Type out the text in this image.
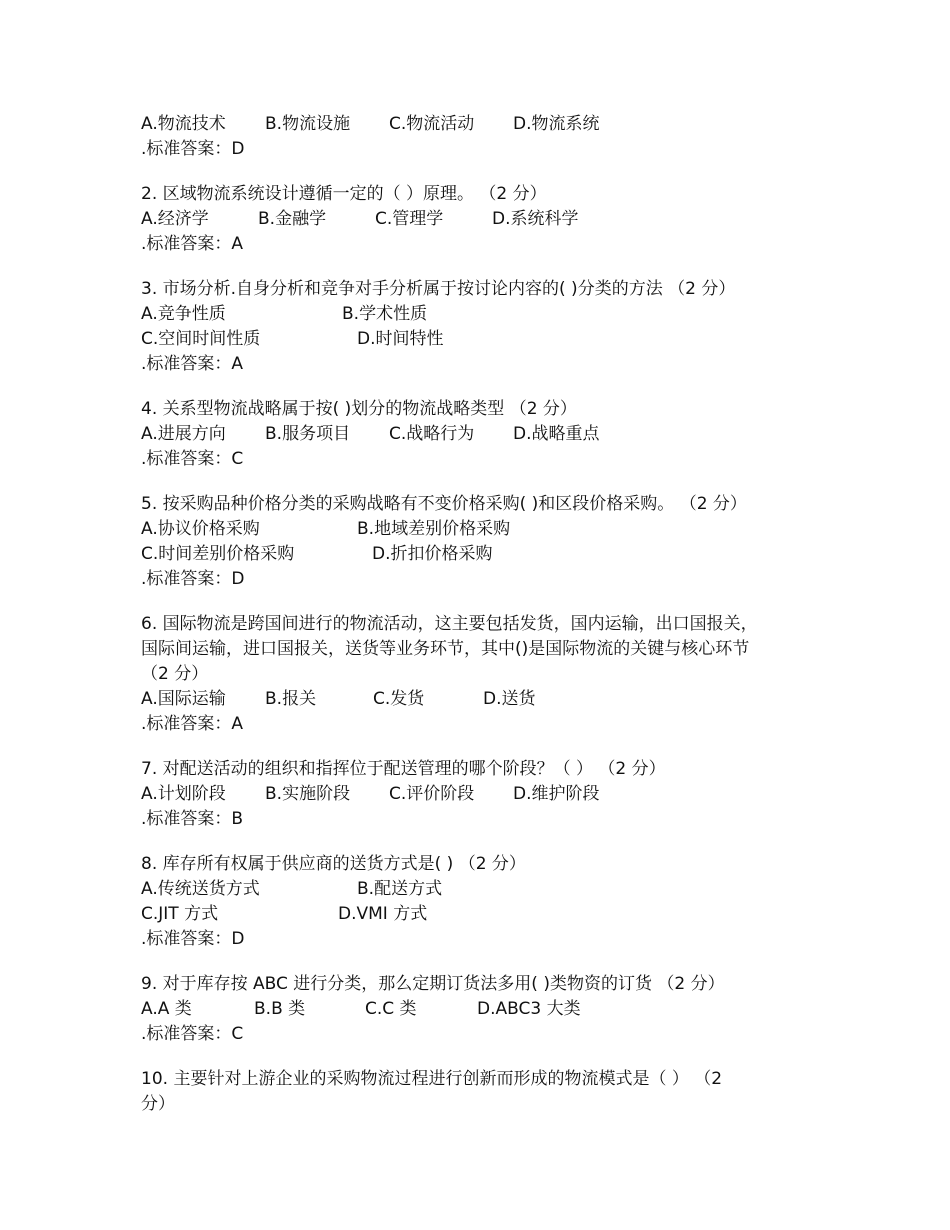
A.物流技术 B.物流设施 C.物流活动 D.物流系统
.标准答案：D
2. 区域物流系统设计遵循一定的（ ）原理。 （2 分）
A.经济学	B.金融学	C.管理学	D.系统科学
.标准答案：A
3. 市场分析.自身分析和竞争对手分析属于按讨论内容的( )分类的方法 （2 分）
A.竞争性质	B.学术性质
C.空间时间性质	D.时间特性
.标准答案：A
4. 关系型物流战略属于按( )划分的物流战略类型 （2 分）
A.进展方向 B.服务项目 C.战略行为 D.战略重点
.标准答案：C
5. 按采购品种价格分类的采购战略有不变价格采购( )和区段价格采购。 （2 分）
A.协议价格采购	B.地域差别价格采购
C.时间差别价格采购	D.折扣价格采购
.标准答案：D
6. 国际物流是跨国间进行的物流活动，这主要包括发货，国内运输，出口国报关，
国际间运输，进口国报关，送货等业务环节，其中()是国际物流的关键与核心环节
（2 分）
A.国际运输 B.报关	C.发货	D.送货
.标准答案：A
7. 对配送活动的组织和指挥位于配送管理的哪个阶段？（ ） （2 分）
A.计划阶段 B.实施阶段 C.评价阶段 D.维护阶段
.标准答案：B
8. 库存所有权属于供应商的送货方式是( ) （2 分）
A.传统送货方式	B.配送方式
C.JIT 方式	D.VMI 方式
.标准答案：D
9. 对于库存按 ABC 进行分类，那么定期订货法多用( )类物资的订货 （2 分）
A.A 类	B.B 类	C.C 类	D.ABC3 大类
.标准答案：C
10. 主要针对上游企业的采购物流过程进行创新而形成的物流模式是（ ） （2
分）
